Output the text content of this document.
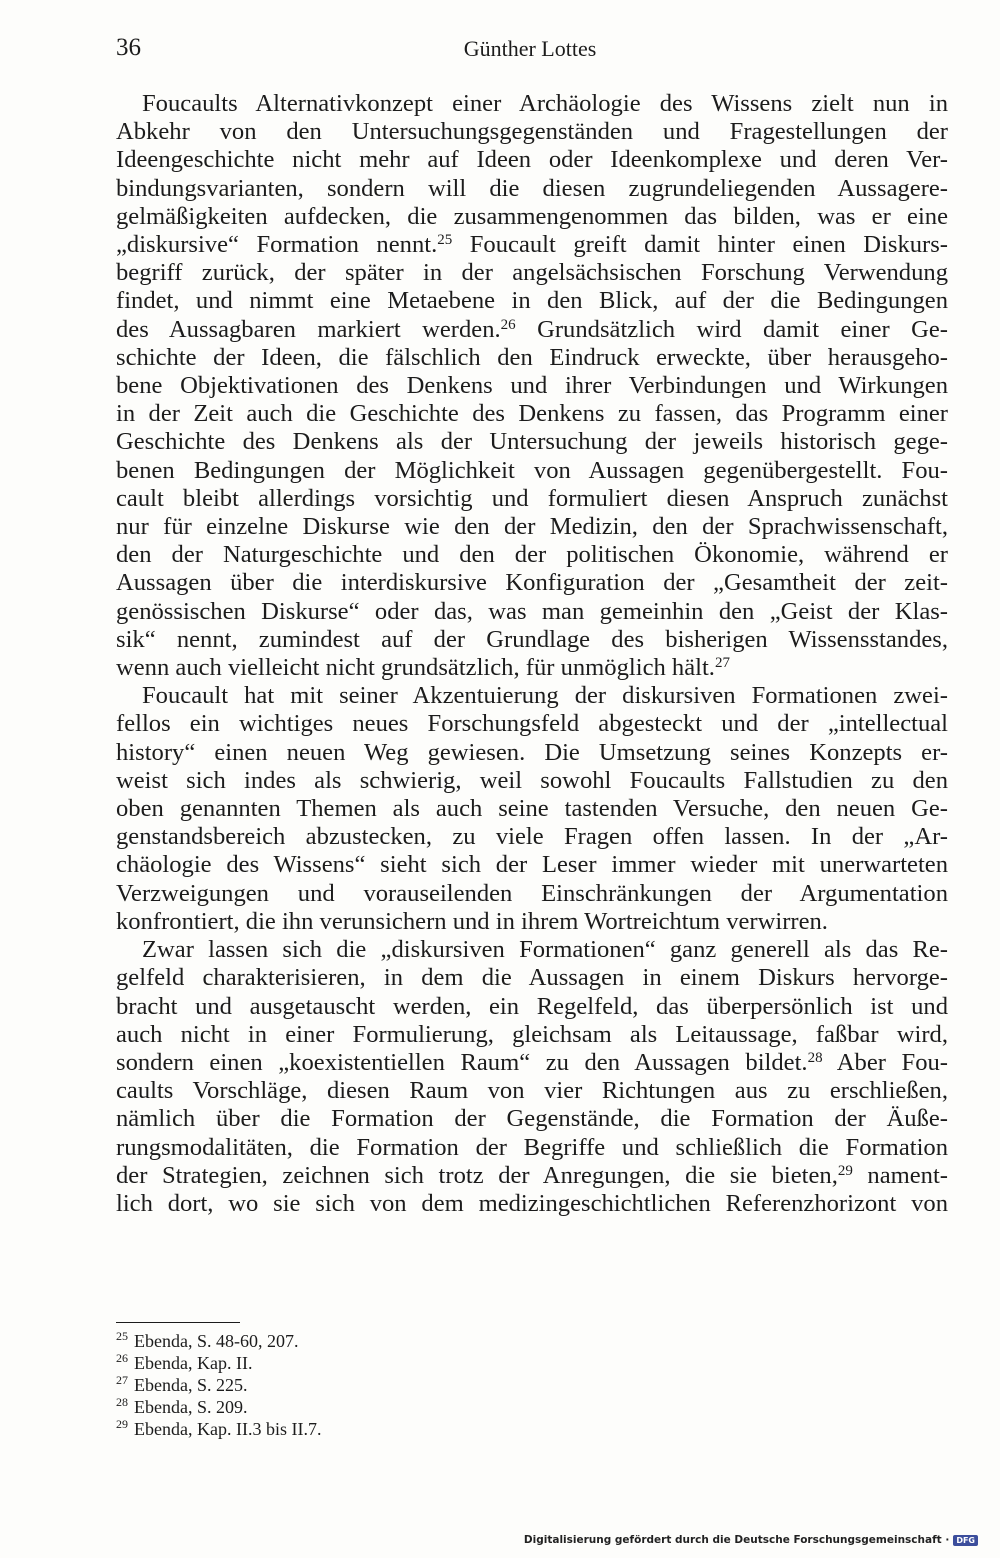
36	Günther Lottes

Foucaults Alternativkonzept einer Archäologie des Wissens zielt nun in
Abkehr von den Untersuchungsgegenständen und Fragestellungen der
Ideengeschichte nicht mehr auf Ideen oder Ideenkomplexe und deren Ver-
bindungsvarianten, sondern will die diesen zugrundeliegenden Aussagere-
gelmäßigkeiten aufdecken, die zusammengenommen das bilden, was er eine
„diskursive“ Formation nennt.$^{25}$ Foucault greift damit hinter einen Diskurs-
begriff zurück, der später in der angelsächsischen Forschung Verwendung
findet, und nimmt eine Metaebene in den Blick, auf der die Bedingungen
des Aussagbaren markiert werden.$^{26}$ Grundsätzlich wird damit einer Ge-
schichte der Ideen, die fälschlich den Eindruck erweckte, über herausgeho-
bene Objektivationen des Denkens und ihrer Verbindungen und Wirkungen
in der Zeit auch die Geschichte des Denkens zu fassen, das Programm einer
Geschichte des Denkens als der Untersuchung der jeweils historisch gege-
benen Bedingungen der Möglichkeit von Aussagen gegenübergestellt. Fou-
cault bleibt allerdings vorsichtig und formuliert diesen Anspruch zunächst
nur für einzelne Diskurse wie den der Medizin, den der Sprachwissenschaft,
den der Naturgeschichte und den der politischen Ökonomie, während er
Aussagen über die interdiskursive Konfiguration der „Gesamtheit der zeit-
genössischen Diskurse“ oder das, was man gemeinhin den „Geist der Klas-
sik“ nennt, zumindest auf der Grundlage des bisherigen Wissensstandes,
wenn auch vielleicht nicht grundsätzlich, für unmöglich hält.$^{27}$

Foucault hat mit seiner Akzentuierung der diskursiven Formationen zwei-
fellos ein wichtiges neues Forschungsfeld abgesteckt und der „intellectual
history“ einen neuen Weg gewiesen. Die Umsetzung seines Konzepts er-
weist sich indes als schwierig, weil sowohl Foucaults Fallstudien zu den
oben genannten Themen als auch seine tastenden Versuche, den neuen Ge-
genstandsbereich abzustecken, zu viele Fragen offen lassen. In der „Ar-
chäologie des Wissens“ sieht sich der Leser immer wieder mit unerwarteten
Verzweigungen und vorauseilenden Einschränkungen der Argumentation
konfrontiert, die ihn verunsichern und in ihrem Wortreichtum verwirren.

Zwar lassen sich die „diskursiven Formationen“ ganz generell als das Re-
gelfeld charakterisieren, in dem die Aussagen in einem Diskurs hervorge-
bracht und ausgetauscht werden, ein Regelfeld, das überpersönlich ist und
auch nicht in einer Formulierung, gleichsam als Leitaussage, faßbar wird,
sondern einen „koexistentiellen Raum“ zu den Aussagen bildet.$^{28}$ Aber Fou-
caults Vorschläge, diesen Raum von vier Richtungen aus zu erschließen,
nämlich über die Formation der Gegenstände, die Formation der Äuße-
rungsmodalitäten, die Formation der Begriffe und schließlich die Formation
der Strategien, zeichnen sich trotz der Anregungen, die sie bieten,$^{29}$ nament-
lich dort, wo sie sich von dem medizingeschichtlichen Referenzhorizont von

$^{25}$ Ebenda, S. 48-60, 207.
$^{26}$ Ebenda, Kap. II.
$^{27}$ Ebenda, S. 225.
$^{28}$ Ebenda, S. 209.
$^{29}$ Ebenda, Kap. II.3 bis II.7.
Digitalisierung gefördert durch die Deutsche Forschungsgemeinschaft · DFG
